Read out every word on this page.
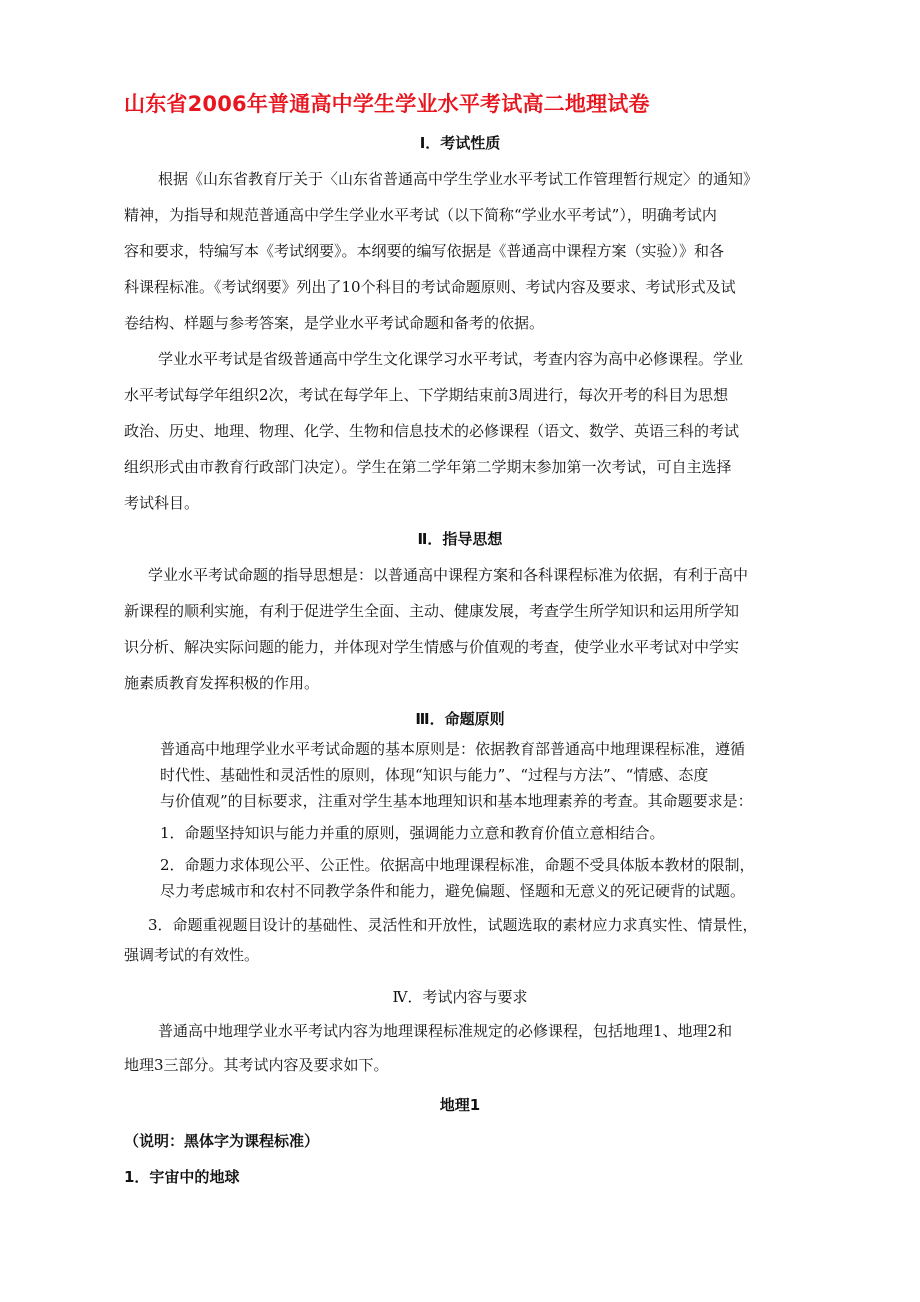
山东省2006年普通高中学生学业水平考试高二地理试卷
Ⅰ．考试性质
根据《山东省教育厅关于〈山东省普通高中学生学业水平考试工作管理暂行规定〉的通知》
精神，为指导和规范普通高中学生学业水平考试（以下简称“学业水平考试”），明确考试内
容和要求，特编写本《考试纲要》。本纲要的编写依据是《普通高中课程方案（实验）》和各
科课程标准。《考试纲要》列出了10个科目的考试命题原则、考试内容及要求、考试形式及试
卷结构、样题与参考答案，是学业水平考试命题和备考的依据。
学业水平考试是省级普通高中学生文化课学习水平考试，考查内容为高中必修课程。学业
水平考试每学年组织2次，考试在每学年上、下学期结束前3周进行，每次开考的科目为思想
政治、历史、地理、物理、化学、生物和信息技术的必修课程（语文、数学、英语三科的考试
组织形式由市教育行政部门决定）。学生在第二学年第二学期末参加第一次考试，可自主选择
考试科目。
Ⅱ．指导思想
学业水平考试命题的指导思想是：以普通高中课程方案和各科课程标准为依据，有利于高中
新课程的顺利实施，有利于促进学生全面、主动、健康发展，考查学生所学知识和运用所学知
识分析、解决实际问题的能力，并体现对学生情感与价值观的考查，使学业水平考试对中学实
施素质教育发挥积极的作用。
Ⅲ．命题原则
普通高中地理学业水平考试命题的基本原则是：依据教育部普通高中地理课程标准，遵循
时代性、基础性和灵活性的原则，体现“知识与能力”、“过程与方法”、“情感、态度
与价值观”的目标要求，注重对学生基本地理知识和基本地理素养的考查。其命题要求是：
1．命题坚持知识与能力并重的原则，强调能力立意和教育价值立意相结合。
2．命题力求体现公平、公正性。依据高中地理课程标准，命题不受具体版本教材的限制，
尽力考虑城市和农村不同教学条件和能力，避免偏题、怪题和无意义的死记硬背的试题。
3．命题重视题目设计的基础性、灵活性和开放性，试题选取的素材应力求真实性、情景性，
强调考试的有效性。
Ⅳ．考试内容与要求
普通高中地理学业水平考试内容为地理课程标准规定的必修课程，包括地理1、地理2和
地理3三部分。其考试内容及要求如下。
地理1
（说明：黑体字为课程标准）
1．宇宙中的地球
